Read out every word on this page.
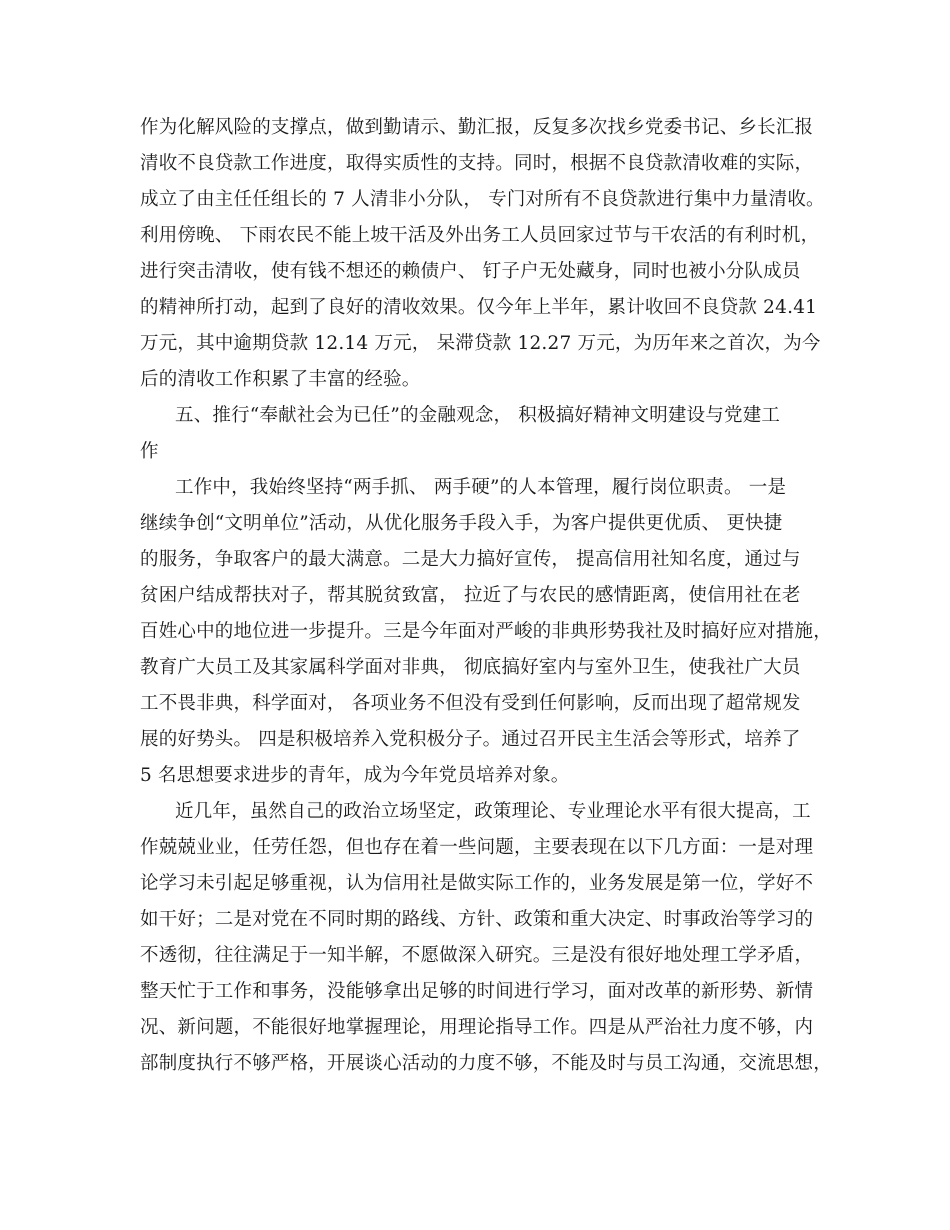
作为化解风险的支撑点，做到勤请示、勤汇报，反复多次找乡党委书记、乡长汇报
清收不良贷款工作进度，取得实质性的支持。同时，根据不良贷款清收难的实际，
成立了由主任任组长的 7 人清非小分队， 专门对所有不良贷款进行集中力量清收。
利用傍晚、 下雨农民不能上坡干活及外出务工人员回家过节与干农活的有利时机，
进行突击清收，使有钱不想还的赖债户、 钉子户无处藏身，同时也被小分队成员
的精神所打动，起到了良好的清收效果。仅今年上半年，累计收回不良贷款 24.41
万元，其中逾期贷款 12.14 万元， 呆滞贷款 12.27 万元，为历年来之首次，为今
后的清收工作积累了丰富的经验。
五、推行“奉献社会为已任”的金融观念， 积极搞好精神文明建设与党建工
作
工作中，我始终坚持“两手抓、 两手硬”的人本管理，履行岗位职责。 一是
继续争创“文明单位”活动，从优化服务手段入手，为客户提供更优质、 更快捷
的服务，争取客户的最大满意。二是大力搞好宣传， 提高信用社知名度，通过与
贫困户结成帮扶对子，帮其脱贫致富， 拉近了与农民的感情距离，使信用社在老
百姓心中的地位进一步提升。三是今年面对严峻的非典形势我社及时搞好应对措施，
教育广大员工及其家属科学面对非典， 彻底搞好室内与室外卫生，使我社广大员
工不畏非典，科学面对， 各项业务不但没有受到任何影响，反而出现了超常规发
展的好势头。 四是积极培养入党积极分子。通过召开民主生活会等形式，培养了
5 名思想要求进步的青年，成为今年党员培养对象。
近几年，虽然自己的政治立场坚定，政策理论、专业理论水平有很大提高，工
作兢兢业业，任劳任怨，但也存在着一些问题，主要表现在以下几方面：一是对理
论学习未引起足够重视，认为信用社是做实际工作的，业务发展是第一位，学好不
如干好；二是对党在不同时期的路线、方针、政策和重大决定、时事政治等学习的
不透彻，往往满足于一知半解，不愿做深入研究。三是没有很好地处理工学矛盾，
整天忙于工作和事务，没能够拿出足够的时间进行学习，面对改革的新形势、新情
况、新问题，不能很好地掌握理论，用理论指导工作。四是从严治社力度不够，内
部制度执行不够严格，开展谈心活动的力度不够，不能及时与员工沟通，交流思想，
